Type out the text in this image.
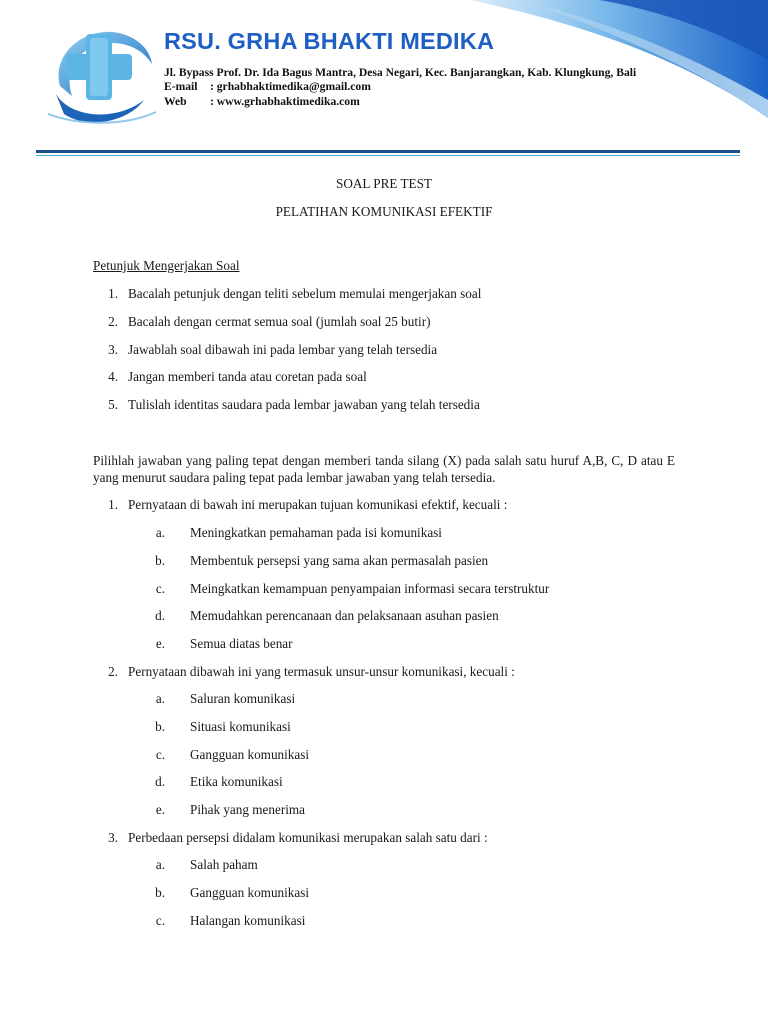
RSU. GRHA BHAKTI MEDIKA
Jl. Bypass Prof. Dr. Ida Bagus Mantra, Desa Negari, Kec. Banjarangkan, Kab. Klungkung, Bali
E-mail : grhabhaktimedika@gmail.com
Web : www.grhabhaktimedika.com
SOAL PRE TEST
PELATIHAN KOMUNIKASI EFEKTIF
Petunjuk Mengerjakan Soal
1. Bacalah petunjuk dengan teliti sebelum memulai mengerjakan soal
2. Bacalah dengan cermat semua soal (jumlah soal 25 butir)
3. Jawablah soal dibawah ini pada lembar yang telah tersedia
4. Jangan memberi tanda atau coretan pada soal
5. Tulislah identitas saudara pada lembar jawaban yang telah tersedia
Pilihlah jawaban yang paling tepat dengan memberi tanda silang (X) pada salah satu huruf A,B, C, D atau E yang menurut saudara paling tepat pada lembar jawaban yang telah tersedia.
1. Pernyataan di bawah ini merupakan tujuan komunikasi efektif, kecuali :
a. Meningkatkan pemahaman pada isi komunikasi
b. Membentuk persepsi yang sama akan permasalah pasien
c. Meingkatkan kemampuan penyampaian informasi secara terstruktur
d. Memudahkan perencanaan dan pelaksanaan asuhan pasien
e. Semua diatas benar
2. Pernyataan dibawah ini yang termasuk unsur-unsur komunikasi, kecuali :
a. Saluran komunikasi
b. Situasi komunikasi
c. Gangguan komunikasi
d. Etika komunikasi
e. Pihak yang menerima
3. Perbedaan persepsi didalam komunikasi merupakan salah satu dari :
a. Salah paham
b. Gangguan komunikasi
c. Halangan komunikasi
